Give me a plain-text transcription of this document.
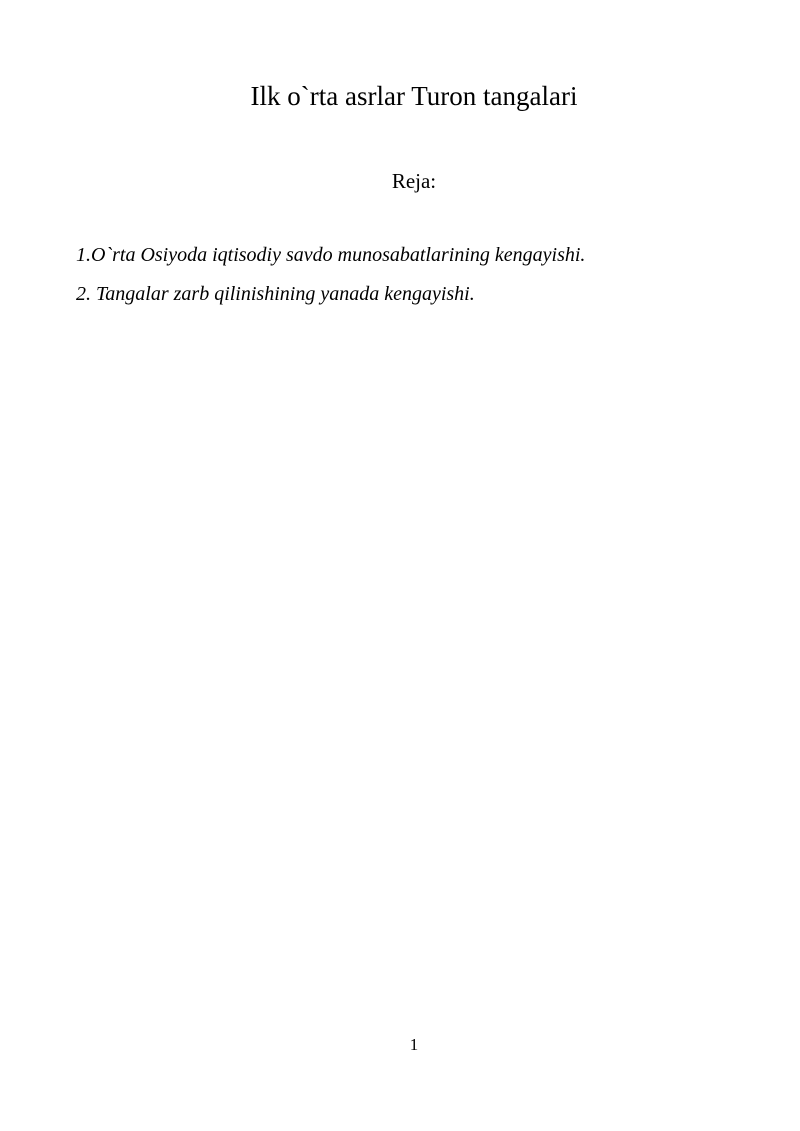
Ilk o`rta asrlar Turon tangalari
Reja:
1.O`rta Osiyoda iqtisodiy savdo munosabatlarining kengayishi.
2. Tangalar zarb qilinishining yanada kengayishi.
1
